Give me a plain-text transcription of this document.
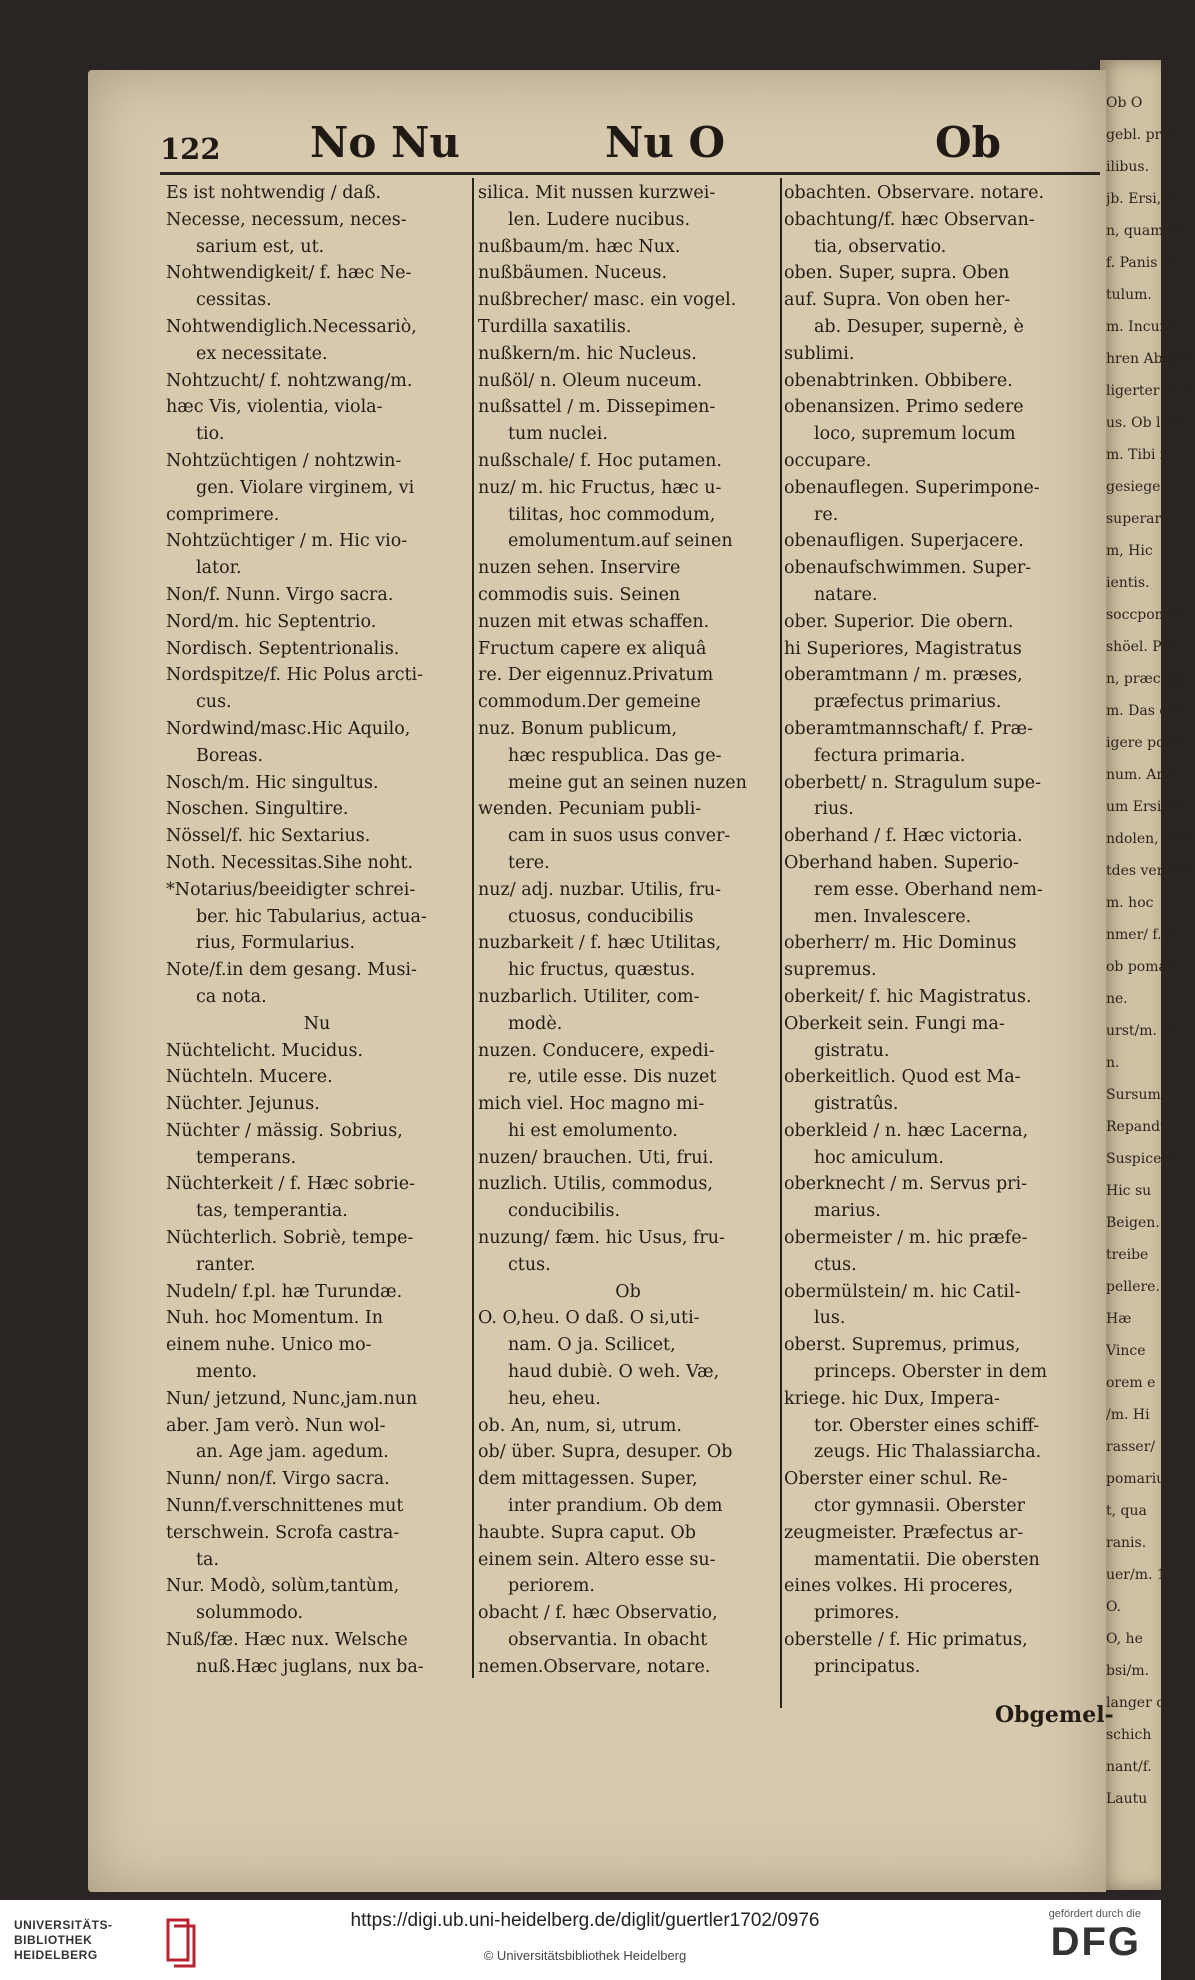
Ob O
gebl. præ
ilibus.
jb. Ersi, lic
n, quamvis
f. Panis ol
tulum.
m. Incumb
hren Abgest
ligerter incu
us. Ob liter
m. Tibi in
gesiegen.
superare.
m, Hic
ientis.
soccpomur
shöel. Pon
n, præcoqu
m. Das obs
igere poma
num. Arbo
um Ersi, lic
ndolen, Imm
tdes versari.
m. hoc
nmer/ f. C
ob pomari
ne.
urst/m. Fo
n.
Sursum.
Repandu
Suspicere
Hic su
Beigen.
treibe
pellere.
Hæ
Vince
orem e
/m. Hi
rasser/
pomariu
t, qua
ranis.
uer/m. 1
O.
O, he
bsi/m.
langer o
schich
nant/f.
Lautu
122 No Nu	Nu O	Ob
Es ist nohtwendig / daß.
Necesse, necessum, neces-
sarium est, ut.
Nohtwendigkeit/ f. hæc Ne-
cessitas.
Nohtwendiglich.Necessariò,
ex necessitate.
Nohtzucht/ f. nohtzwang/m.
hæc Vis, violentia, viola-
tio.
Nohtzüchtigen / nohtzwin-
gen. Violare virginem, vi
comprimere.
Nohtzüchtiger / m. Hic vio-
lator.
Non/f. Nunn. Virgo sacra.
Nord/m. hic Septentrio.
Nordisch. Septentrionalis.
Nordspitze/f. Hic Polus arcti-
cus.
Nordwind/masc.Hic Aquilo,
Boreas.
Nosch/m. Hic singultus.
Noschen. Singultire.
Nössel/f. hic Sextarius.
Noth. Necessitas.Sihe noht.
*Notarius/beeidigter schrei-
ber. hic Tabularius, actua-
rius, Formularius.
Note/f.in dem gesang. Musi-
ca nota.
Nu
Nüchtelicht. Mucidus.
Nüchteln. Mucere.
Nüchter. Jejunus.
Nüchter / mässig. Sobrius,
temperans.
Nüchterkeit / f. Hæc sobrie-
tas, temperantia.
Nüchterlich. Sobriè, tempe-
ranter.
Nudeln/ f.pl. hæ Turundæ.
Nuh. hoc Momentum. In
einem nuhe. Unico mo-
mento.
Nun/ jetzund, Nunc,jam.nun
aber. Jam verò. Nun wol-
an. Age jam. agedum.
Nunn/ non/f. Virgo sacra.
Nunn/f.verschnittenes mut
terschwein. Scrofa castra-
ta.
Nur. Modò, solùm,tantùm,
solummodo.
Nuß/fæ. Hæc nux. Welsche
nuß.Hæc juglans, nux ba-
silica. Mit nussen kurzwei-
len. Ludere nucibus.
nußbaum/m. hæc Nux.
nußbäumen. Nuceus.
nußbrecher/ masc. ein vogel.
Turdilla saxatilis.
nußkern/m. hic Nucleus.
nußöl/ n. Oleum nuceum.
nußsattel / m. Dissepimen-
tum nuclei.
nußschale/ f. Hoc putamen.
nuz/ m. hic Fructus, hæc u-
tilitas, hoc commodum,
emolumentum.auf seinen
nuzen sehen. Inservire
commodis suis. Seinen
nuzen mit etwas schaffen.
Fructum capere ex aliquâ
re. Der eigennuz.Privatum
commodum.Der gemeine
nuz. Bonum publicum,
hæc respublica. Das ge-
meine gut an seinen nuzen
wenden. Pecuniam publi-
cam in suos usus conver-
tere.
nuz/ adj. nuzbar. Utilis, fru-
ctuosus, conducibilis
nuzbarkeit / f. hæc Utilitas,
hic fructus, quæstus.
nuzbarlich. Utiliter, com-
modè.
nuzen. Conducere, expedi-
re, utile esse. Dis nuzet
mich viel. Hoc magno mi-
hi est emolumento.
nuzen/ brauchen. Uti, frui.
nuzlich. Utilis, commodus,
conducibilis.
nuzung/ fæm. hic Usus, fru-
ctus.
Ob
O. O,heu. O daß. O si,uti-
nam. O ja. Scilicet,
haud dubiè. O weh. Væ,
heu, eheu.
ob. An, num, si, utrum.
ob/ über. Supra, desuper. Ob
dem mittagessen. Super,
inter prandium. Ob dem
haubte. Supra caput. Ob
einem sein. Altero esse su-
periorem.
obacht / f. hæc Observatio,
observantia. In obacht
nemen.Observare, notare.
obachten. Observare. notare.
obachtung/f. hæc Observan-
tia, observatio.
oben. Super, supra. Oben
auf. Supra. Von oben her-
ab. Desuper, supernè, è
sublimi.
obenabtrinken. Obbibere.
obenansizen. Primo sedere
loco, supremum locum
occupare.
obenauflegen. Superimpone-
re.
obenaufligen. Superjacere.
obenaufschwimmen. Super-
natare.
ober. Superior. Die obern.
hi Superiores, Magistratus
oberamtmann / m. præses,
præfectus primarius.
oberamtmannschaft/ f. Præ-
fectura primaria.
oberbett/ n. Stragulum supe-
rius.
oberhand / f. Hæc victoria.
Oberhand haben. Superio-
rem esse. Oberhand nem-
men. Invalescere.
oberherr/ m. Hic Dominus
supremus.
oberkeit/ f. hic Magistratus.
Oberkeit sein. Fungi ma-
gistratu.
oberkeitlich. Quod est Ma-
gistratûs.
oberkleid / n. hæc Lacerna,
hoc amiculum.
oberknecht / m. Servus pri-
marius.
obermeister / m. hic præfe-
ctus.
obermülstein/ m. hic Catil-
lus.
oberst. Supremus, primus,
princeps. Oberster in dem
kriege. hic Dux, Impera-
tor. Oberster eines schiff-
zeugs. Hic Thalassiarcha.
Oberster einer schul. Re-
ctor gymnasii. Oberster
zeugmeister. Præfectus ar-
mamentatii. Die obersten
eines volkes. Hi proceres,
primores.
oberstelle / f. Hic primatus,
principatus.
Obgemel-
UNIVERSITÄTS-
BIBLIOTHEK
HEIDELBERG
https://digi.ub.uni-heidelberg.de/diglit/guertler1702/0976
© Universitätsbibliothek Heidelberg
gefördert durch die
DFG
